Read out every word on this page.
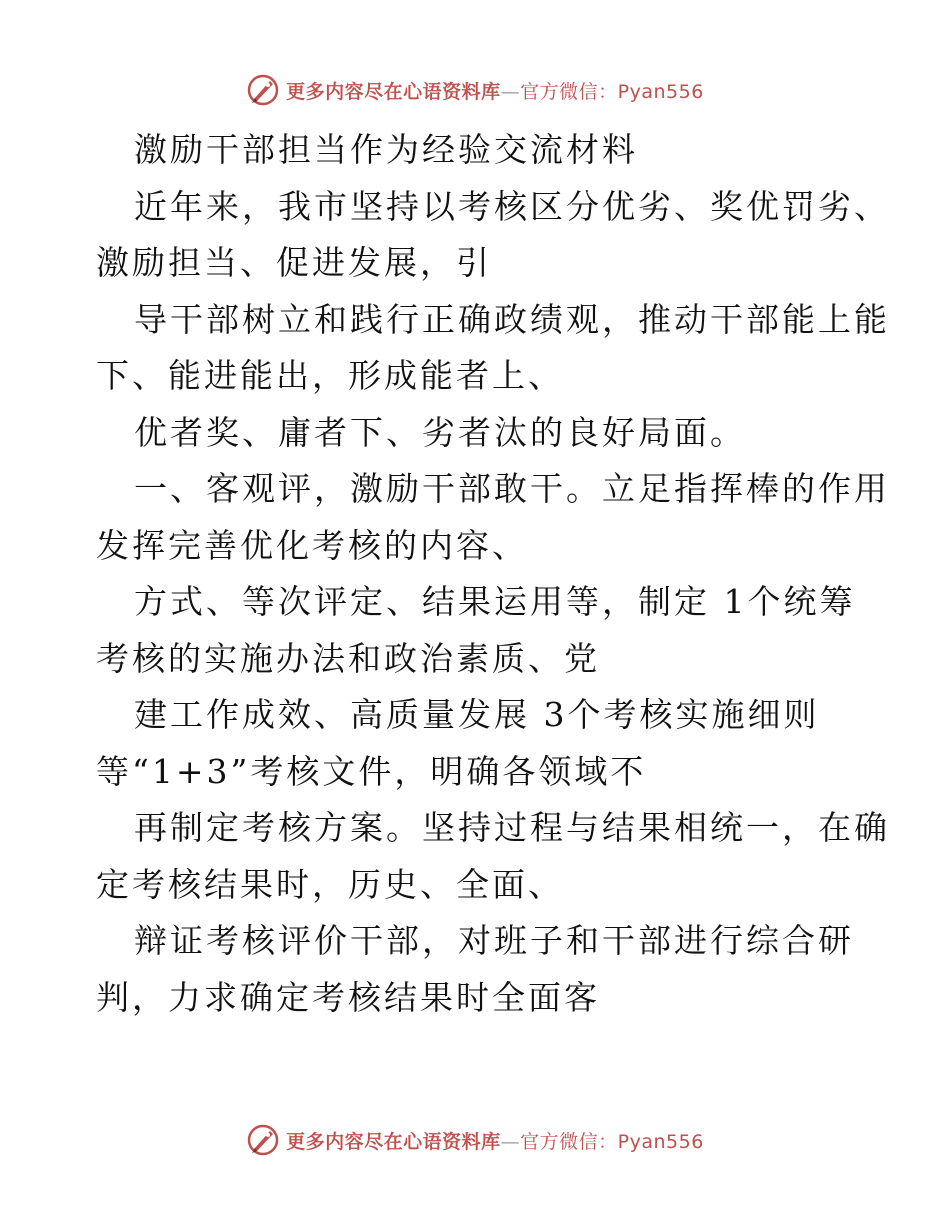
更多内容尽在心语资料库—官方微信：Pyan556
激励干部担当作为经验交流材料
近年来，我市坚持以考核区分优劣、奖优罚劣、
激励担当、促进发展，引
导干部树立和践行正确政绩观，推动干部能上能
下、能进能出，形成能者上、
优者奖、庸者下、劣者汰的良好局面。
一、客观评，激励干部敢干。立足指挥棒的作用
发挥完善优化考核的内容、
方式、等次评定、结果运用等，制定 1个统筹
考核的实施办法和政治素质、党
建工作成效、高质量发展 3个考核实施细则
等“1+3”考核文件，明确各领域不
再制定考核方案。坚持过程与结果相统一，在确
定考核结果时，历史、全面、
辩证考核评价干部，对班子和干部进行综合研
判，力求确定考核结果时全面客
更多内容尽在心语资料库—官方微信：Pyan556
